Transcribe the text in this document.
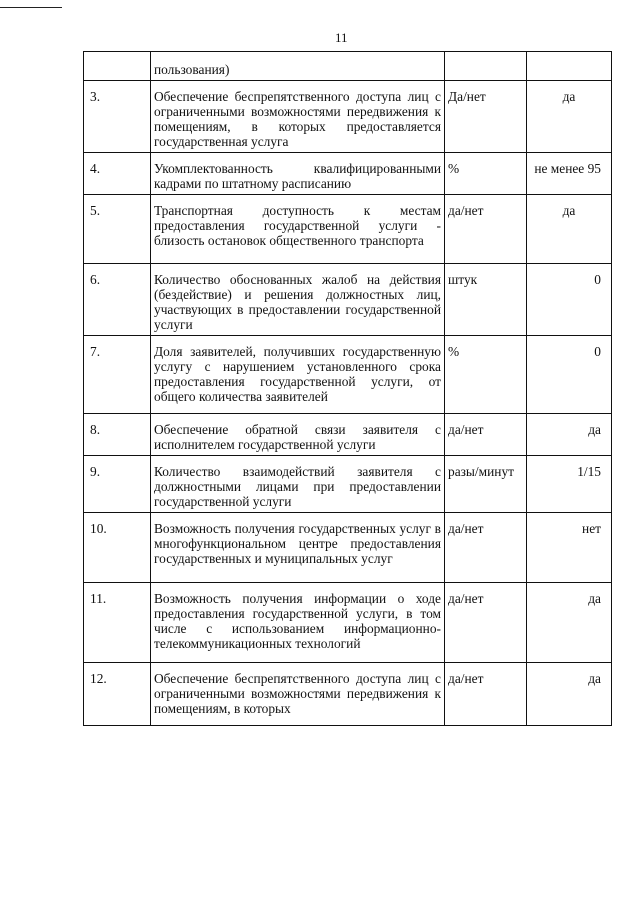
11
	пользования)		
3.	Обеспечение беспрепятственного доступа лиц с ограниченными возможностями передвижения к помещениям, в которых предоставляется государственная услуга	Да/нет	да
4.	Укомплектованность квалифицированными кадрами по штатному расписанию	%	не менее 95
5.	Транспортная доступность к местам предоставления государственной услуги - близость остановок общественного транспорта	да/нет	да
6.	Количество обоснованных жалоб на действия (бездействие) и решения должностных лиц, участвующих в предоставлении государственной услуги	штук	0
7.	Доля заявителей, получивших государственную услугу с нарушением установленного срока предоставления государственной услуги, от общего количества заявителей	%	0
8.	Обеспечение обратной связи заявителя с исполнителем государственной услуги	да/нет	да
9.	Количество взаимодействий заявителя с должностными лицами при предоставлении государственной услуги	разы/минут	1/15
10.	Возможность получения государственных услуг в многофункциональном центре предоставления государственных и муниципальных услуг	да/нет	нет
11.	Возможность получения информации о ходе предоставления государственной услуги, в том числе с использованием информационно-телекоммуникационных технологий	да/нет	да
12.	Обеспечение беспрепятственного доступа лиц с ограниченными возможностями передвижения к помещениям, в которых	да/нет	да
